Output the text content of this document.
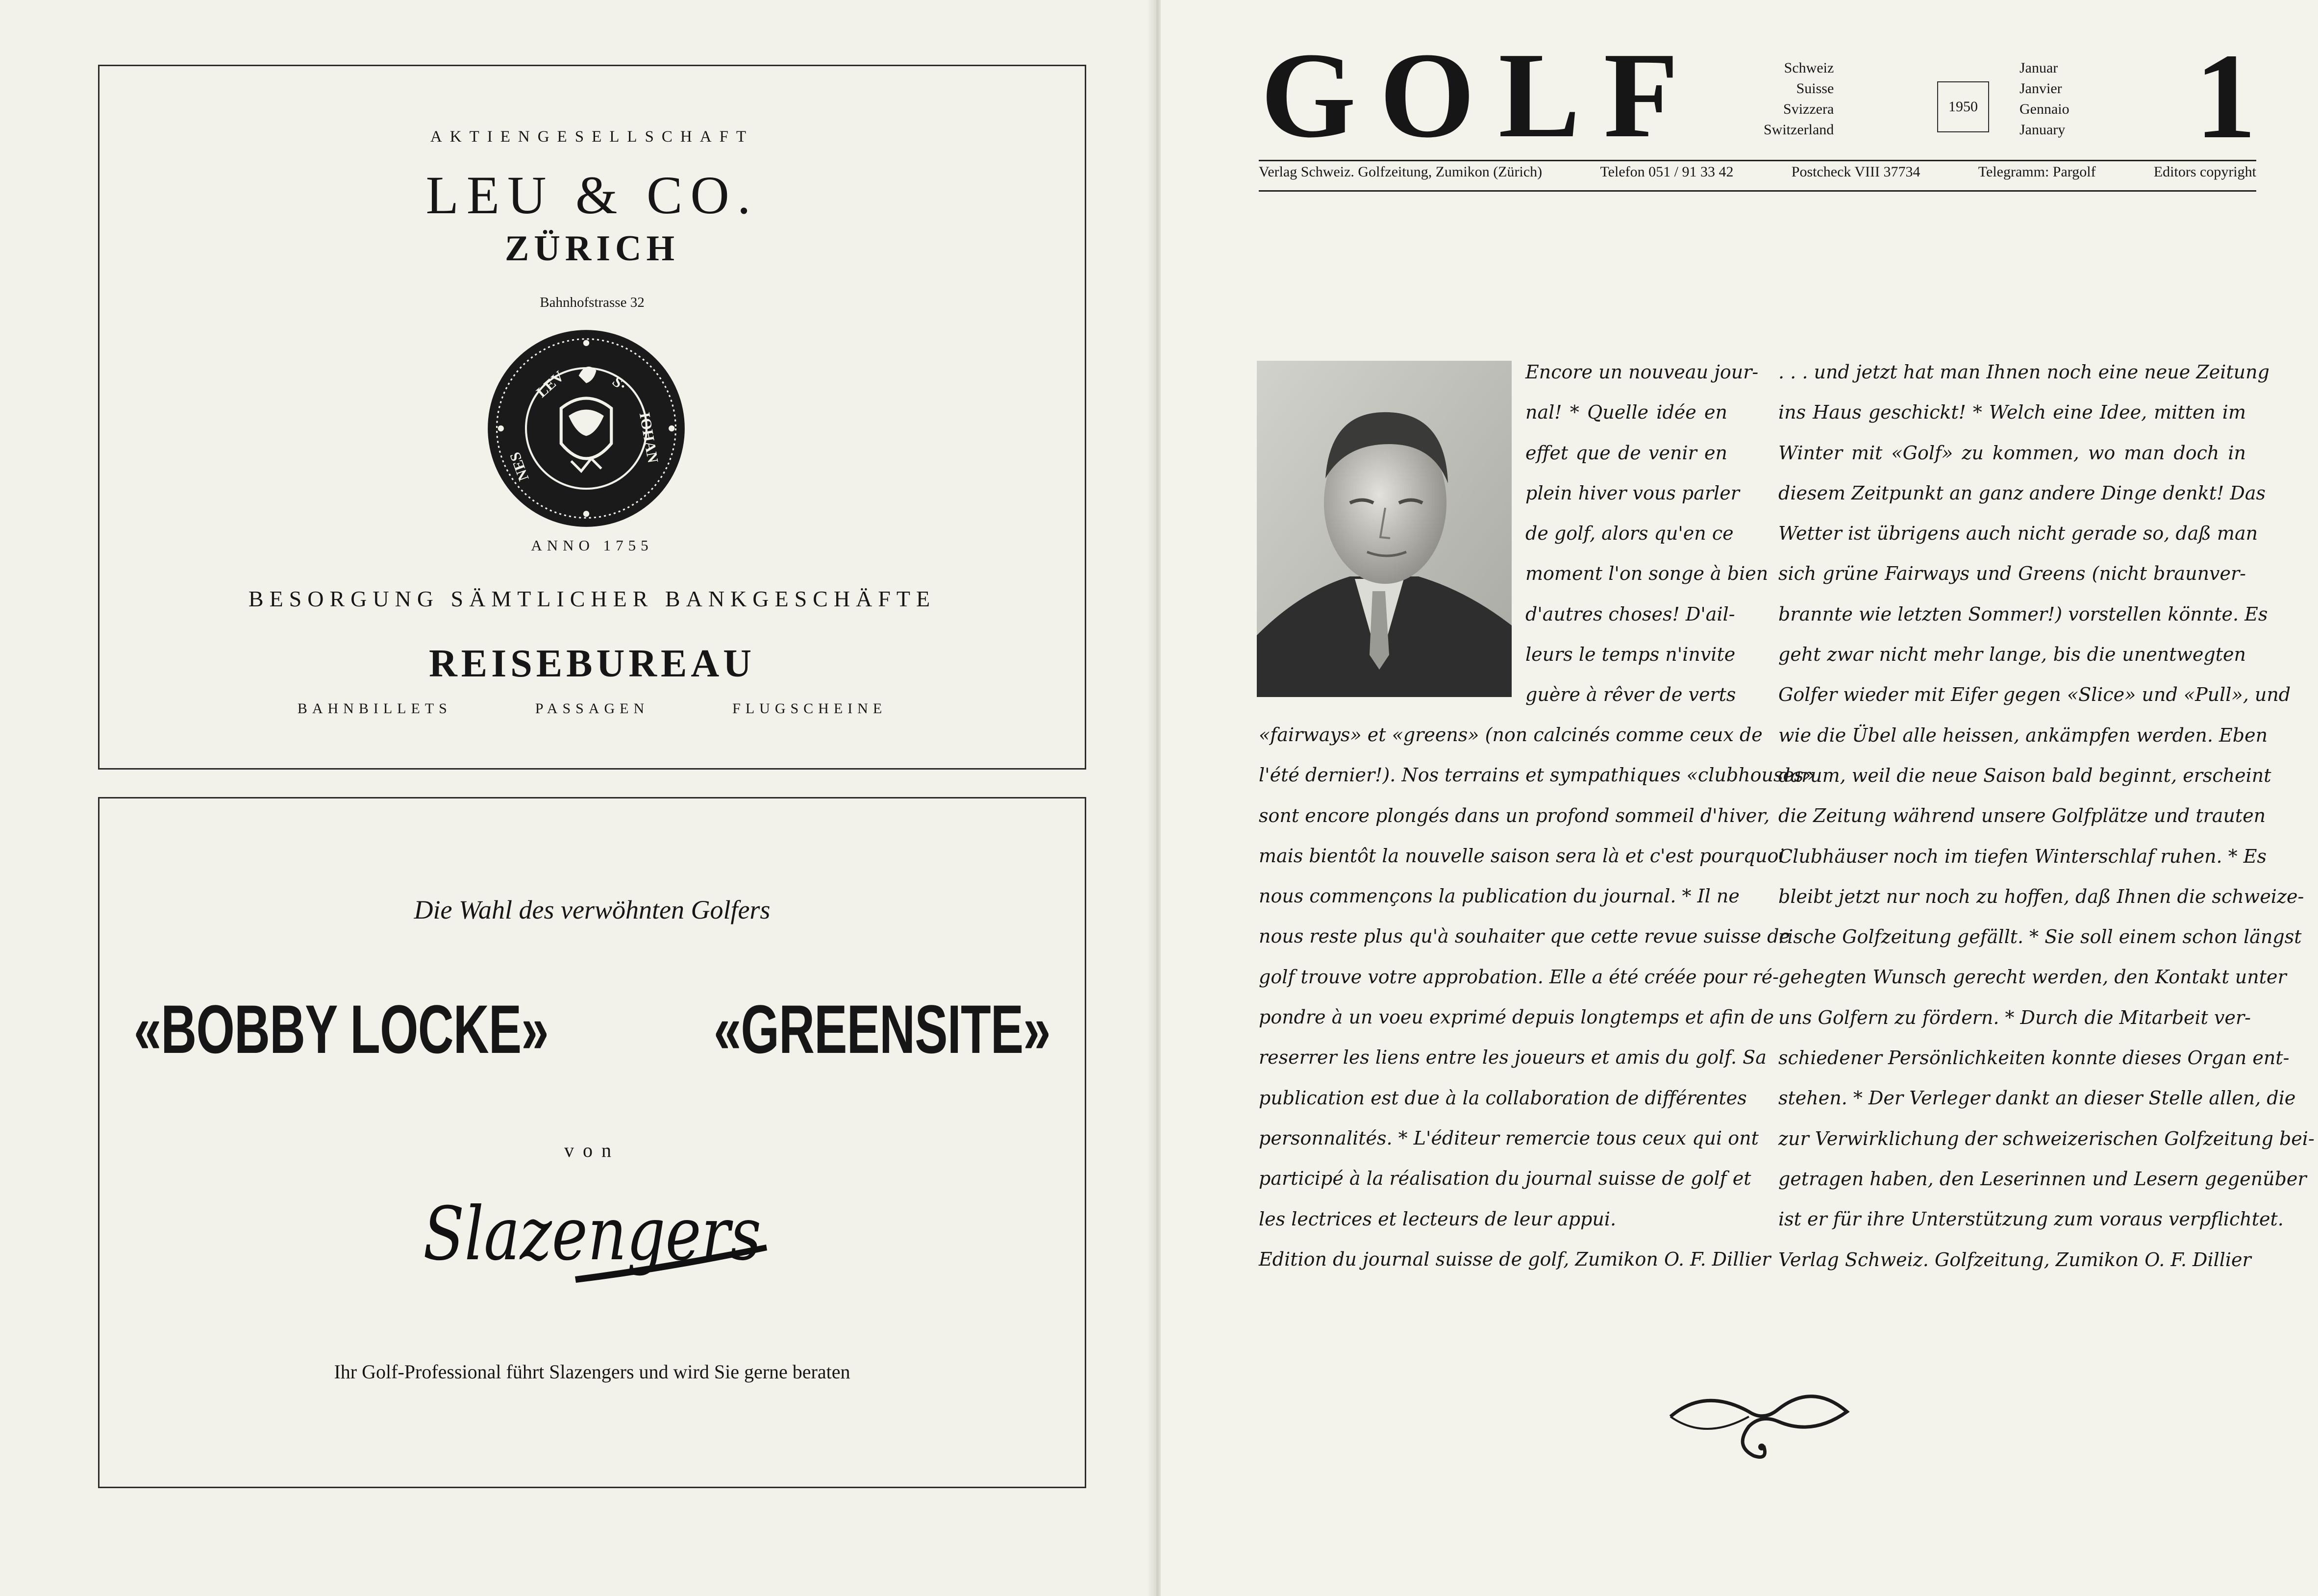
AKTIENGESELLSCHAFT
LEU & CO.
ZÜRICH
Bahnhofstrasse 32
LEV	S·
IOHAN
NES
ANNO 1755
BESORGUNG SÄMTLICHER BANKGESCHÄFTE
REISEBUREAU
BAHNBILLETS	PASSAGEN	FLUGSCHEINE
Die Wahl des verwöhnten Golfers
«BOBBY LOCKE» «GREENSITE»
von
Slazengers
Ihr Golf-Professional führt Slazengers und wird Sie gerne beraten
GOLF	Schweiz
Suisse
Svizzera
Switzerland
1950
Januar
Janvier
Gennaio
January 1
Verlag Schweiz. Golfzeitung, Zumikon (Zürich)	Telefon 051 / 91 33 42	Postcheck VIII 37734	Telegramm: Pargolf	Editors copyright

Encore un nouveau jour-

nal! * Quelle idée en

effet que de venir en

plein hiver vous parler

de golf, alors qu'en ce

moment l'on songe à bien

d'autres choses! D'ail-

leurs le temps n'invite

guère à rêver de verts

«fairways» et «greens» (non calcinés comme ceux de

l'été dernier!). Nos terrains et sympathiques «clubhouses»

sont encore plongés dans un profond sommeil d'hiver,

mais bientôt la nouvelle saison sera là et c'est pourquoi

nous commençons la publication du journal. * Il ne

nous reste plus qu'à souhaiter que cette revue suisse de

golf trouve votre approbation. Elle a été créée pour ré-

pondre à un voeu exprimé depuis longtemps et afin de

reserrer les liens entre les joueurs et amis du golf. Sa

publication est due à la collaboration de différentes

personnalités. * L'éditeur remercie tous ceux qui ont

participé à la réalisation du journal suisse de golf et

les lectrices et lecteurs de leur appui.

Edition du journal suisse de golf, Zumikon O. F. Dillier

. . . und jetzt hat man Ihnen noch eine neue Zeitung

ins Haus geschickt! * Welch eine Idee, mitten im

Winter mit «Golf» zu kommen, wo man doch in

diesem Zeitpunkt an ganz andere Dinge denkt! Das

Wetter ist übrigens auch nicht gerade so, daß man

sich grüne Fairways und Greens (nicht braunver-

brannte wie letzten Sommer!) vorstellen könnte. Es

geht zwar nicht mehr lange, bis die unentwegten

Golfer wieder mit Eifer gegen «Slice» und «Pull», und

wie die Übel alle heissen, ankämpfen werden. Eben

darum, weil die neue Saison bald beginnt, erscheint

die Zeitung während unsere Golfplätze und trauten

Clubhäuser noch im tiefen Winterschlaf ruhen. * Es

bleibt jetzt nur noch zu hoffen, daß Ihnen die schweize-

rische Golfzeitung gefällt. * Sie soll einem schon längst

gehegten Wunsch gerecht werden, den Kontakt unter

uns Golfern zu fördern. * Durch die Mitarbeit ver-

schiedener Persönlichkeiten konnte dieses Organ ent-

stehen. * Der Verleger dankt an dieser Stelle allen, die

zur Verwirklichung der schweizerischen Golfzeitung bei-

getragen haben, den Leserinnen und Lesern gegenüber

ist er für ihre Unterstützung zum voraus verpflichtet.

Verlag Schweiz. Golfzeitung, Zumikon O. F. Dillier
